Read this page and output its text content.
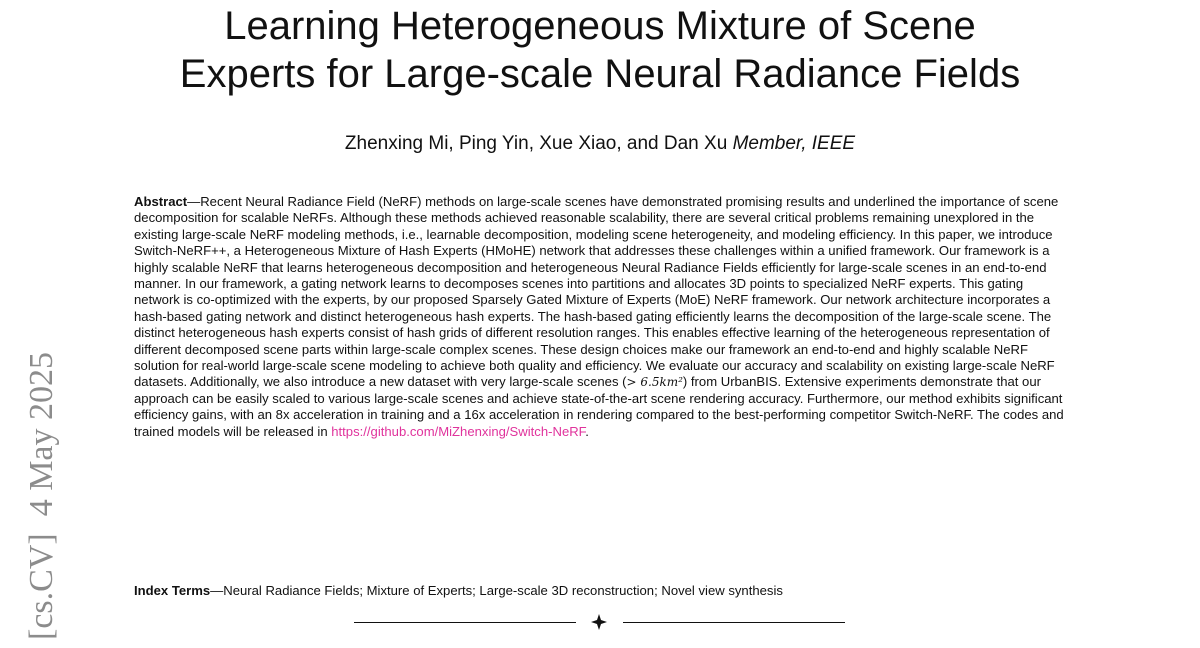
Learning Heterogeneous Mixture of Scene
Experts for Large-scale Neural Radiance Fields
Zhenxing Mi, Ping Yin, Xue Xiao, and Dan Xu Member, IEEE
[cs.CV]  4 May 2025

Abstract—Recent Neural Radiance Field (NeRF) methods on large-scale scenes have demonstrated promising results and underlined the importance of scene decomposition for scalable NeRFs. Although these methods achieved reasonable scalability, there are several critical problems remaining unexplored in the existing large-scale NeRF modeling methods, i.e., learnable decomposition, modeling scene heterogeneity, and modeling efficiency. In this paper, we introduce Switch-NeRF++, a Heterogeneous Mixture of Hash Experts (HMoHE) network that addresses these challenges within a unified framework. Our framework is a highly scalable NeRF that learns heterogeneous decomposition and heterogeneous Neural Radiance Fields efficiently for large-scale scenes in an end-to-end manner. In our framework, a gating network learns to decomposes scenes into partitions and allocates 3D points to specialized NeRF experts. This gating network is co-optimized with the experts, by our proposed Sparsely Gated Mixture of Experts (MoE) NeRF framework. Our network architecture incorporates a hash-based gating network and distinct heterogeneous hash experts. The hash-based gating efficiently learns the decomposition of the large-scale scene. The distinct heterogeneous hash experts consist of hash grids of different resolution ranges. This enables effective learning of the heterogeneous representation of different decomposed scene parts within large-scale complex scenes. These design choices make our framework an end-to-end and highly scalable NeRF solution for real-world large-scale scene modeling to achieve both quality and efficiency. We evaluate our accuracy and scalability on existing large-scale NeRF datasets. Additionally, we also introduce a new dataset with very large-scale scenes (> 6.5km²) from UrbanBIS. Extensive experiments demonstrate that our approach can be easily scaled to various large-scale scenes and achieve state-of-the-art scene rendering accuracy. Furthermore, our method exhibits significant efficiency gains, with an 8x acceleration in training and a 16x acceleration in rendering compared to the best-performing competitor Switch-NeRF. The codes and trained models will be released in https://github.com/MiZhenxing/Switch-NeRF.

Index Terms—Neural Radiance Fields; Mixture of Experts; Large-scale 3D reconstruction; Novel view synthesis
